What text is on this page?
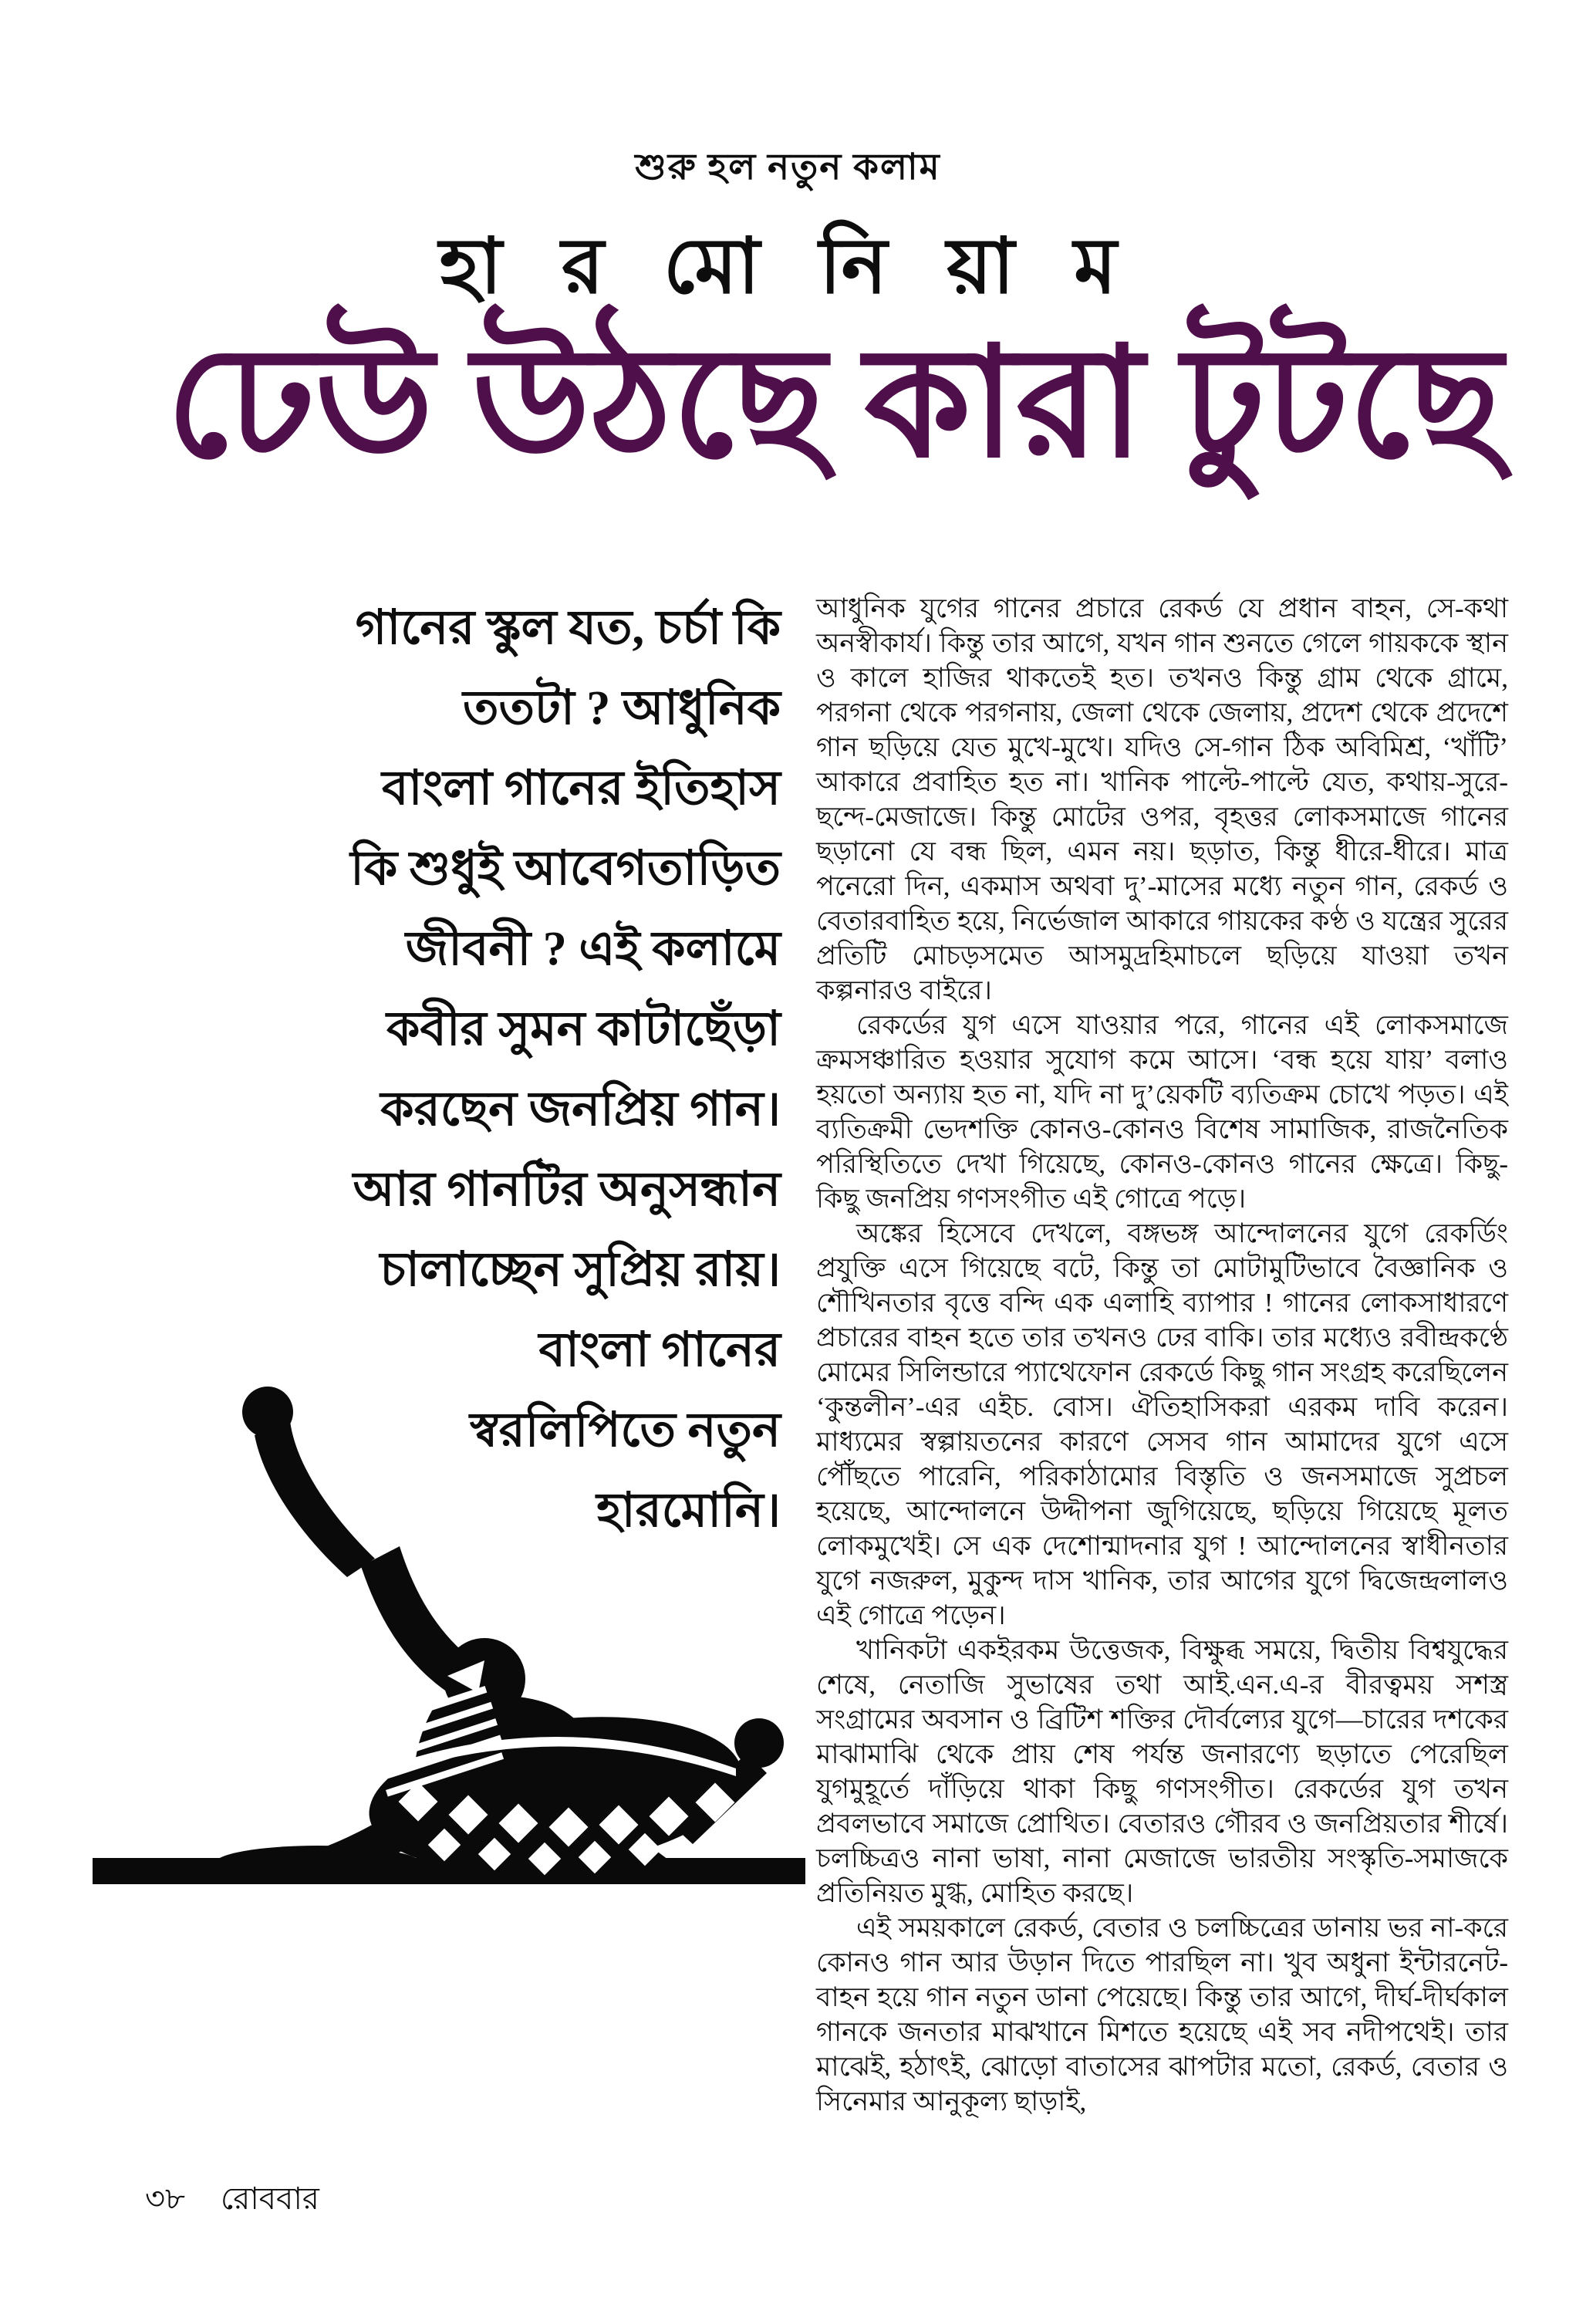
শুরু হল নতুন কলাম
হা র মো নি য়া ম
ঢেউ উঠছে কারা টুটছে
গানের স্কুল যত, চর্চা কি
ততটা ? আধুনিক
বাংলা গানের ইতিহাস
কি শুধুই আবেগতাড়িত
জীবনী ? এই কলামে
কবীর সুমন কাটাছেঁড়া
করছেন জনপ্রিয় গান।
আর গানটির অনুসন্ধান
চালাচ্ছেন সুপ্রিয় রায়।
বাংলা গানের
স্বরলিপিতে নতুন
হারমোনি।

আধুনিক যুগের গানের প্রচারে রেকর্ড যে প্রধান বাহন, সে-কথা অনস্বীকার্য। কিন্তু তার আগে, যখন গান শুনতে গেলে গায়ককে স্থান ও কালে হাজির থাকতেই হত। তখনও কিন্তু গ্রাম থেকে গ্রামে, পরগনা থেকে পরগনায়, জেলা থেকে জেলায়, প্রদেশ থেকে প্রদেশে গান ছড়িয়ে যেত মুখে-মুখে। যদিও সে-গান ঠিক অবিমিশ্র, ‘খাঁটি’ আকারে প্রবাহিত হত না। খানিক পাল্টে-পাল্টে যেত, কথায়-সুরে-ছন্দে-মেজাজে। কিন্তু মোটের ওপর, বৃহত্তর লোকসমাজে গানের ছড়ানো যে বন্ধ ছিল, এমন নয়। ছড়াত, কিন্তু ধীরে-ধীরে। মাত্র পনেরো দিন, একমাস অথবা দু’-মাসের মধ্যে নতুন গান, রেকর্ড ও বেতারবাহিত হয়ে, নির্ভেজাল আকারে গায়কের কণ্ঠ ও যন্ত্রের সুরের প্রতিটি মোচড়সমেত আসমুদ্রহিমাচলে ছড়িয়ে যাওয়া তখন কল্পনারও বাইরে।

রেকর্ডের যুগ এসে যাওয়ার পরে, গানের এই লোকসমাজে ক্রমসঞ্চারিত হওয়ার সুযোগ কমে আসে। ‘বন্ধ হয়ে যায়’ বলাও হয়তো অন্যায় হত না, যদি না দু’য়েকটি ব্যতিক্রম চোখে পড়ত। এই ব্যতিক্রমী ভেদশক্তি কোনও-কোনও বিশেষ সামাজিক, রাজনৈতিক পরিস্থিতিতে দেখা গিয়েছে, কোনও-কোনও গানের ক্ষেত্রে। কিছু-কিছু জনপ্রিয় গণসংগীত এই গোত্রে পড়ে।

অঙ্কের হিসেবে দেখলে, বঙ্গভঙ্গ আন্দোলনের যুগে রেকর্ডিং প্রযুক্তি এসে গিয়েছে বটে, কিন্তু তা মোটামুটিভাবে বৈজ্ঞানিক ও শৌখিনতার বৃত্তে বন্দি এক এলাহি ব্যাপার ! গানের লোকসাধারণে প্রচারের বাহন হতে তার তখনও ঢের বাকি। তার মধ্যেও রবীন্দ্রকণ্ঠে মোমের সিলিন্ডারে প্যাথেফোন রেকর্ডে কিছু গান সংগ্রহ করেছিলেন ‘কুন্তলীন’-এর এইচ. বোস। ঐতিহাসিকরা এরকম দাবি করেন। মাধ্যমের স্বল্পায়তনের কারণে সেসব গান আমাদের যুগে এসে পৌঁছতে পারেনি, পরিকাঠামোর বিস্তৃতি ও জনসমাজে সুপ্রচল হয়েছে, আন্দোলনে উদ্দীপনা জুগিয়েছে, ছড়িয়ে গিয়েছে মূলত লোকমুখেই। সে এক দেশোন্মাদনার যুগ ! আন্দোলনের স্বাধীনতার যুগে নজরুল, মুকুন্দ দাস খানিক, তার আগের যুগে দ্বিজেন্দ্রলালও এই গোত্রে পড়েন।

খানিকটা একইরকম উত্তেজক, বিক্ষুব্ধ সময়ে, দ্বিতীয় বিশ্বযুদ্ধের শেষে, নেতাজি সুভাষের তথা আই.এন.এ-র বীরত্বময় সশস্ত্র সংগ্রামের অবসান ও ব্রিটিশ শক্তির দৌর্বল্যের যুগে—চারের দশকের মাঝামাঝি থেকে প্রায় শেষ পর্যন্ত জনারণ্যে ছড়াতে পেরেছিল যুগমুহূর্তে দাঁড়িয়ে থাকা কিছু গণসংগীত। রেকর্ডের যুগ তখন প্রবলভাবে সমাজে প্রোথিত। বেতারও গৌরব ও জনপ্রিয়তার শীর্ষে। চলচ্চিত্রও নানা ভাষা, নানা মেজাজে ভারতীয় সংস্কৃতি-সমাজকে প্রতিনিয়ত মুগ্ধ, মোহিত করছে।

এই সময়কালে রেকর্ড, বেতার ও চলচ্চিত্রের ডানায় ভর না-করে কোনও গান আর উড়ান দিতে পারছিল না। খুব অধুনা ইন্টারনেট-বাহন হয়ে গান নতুন ডানা পেয়েছে। কিন্তু তার আগে, দীর্ঘ-দীর্ঘকাল গানকে জনতার মাঝখানে মিশতে হয়েছে এই সব নদীপথেই। তার মাঝেই, হঠাৎই, ঝোড়ো বাতাসের ঝাপটার মতো, রেকর্ড, বেতার ও সিনেমার আনুকূল্য ছাড়াই,

৩৮ রোববার
